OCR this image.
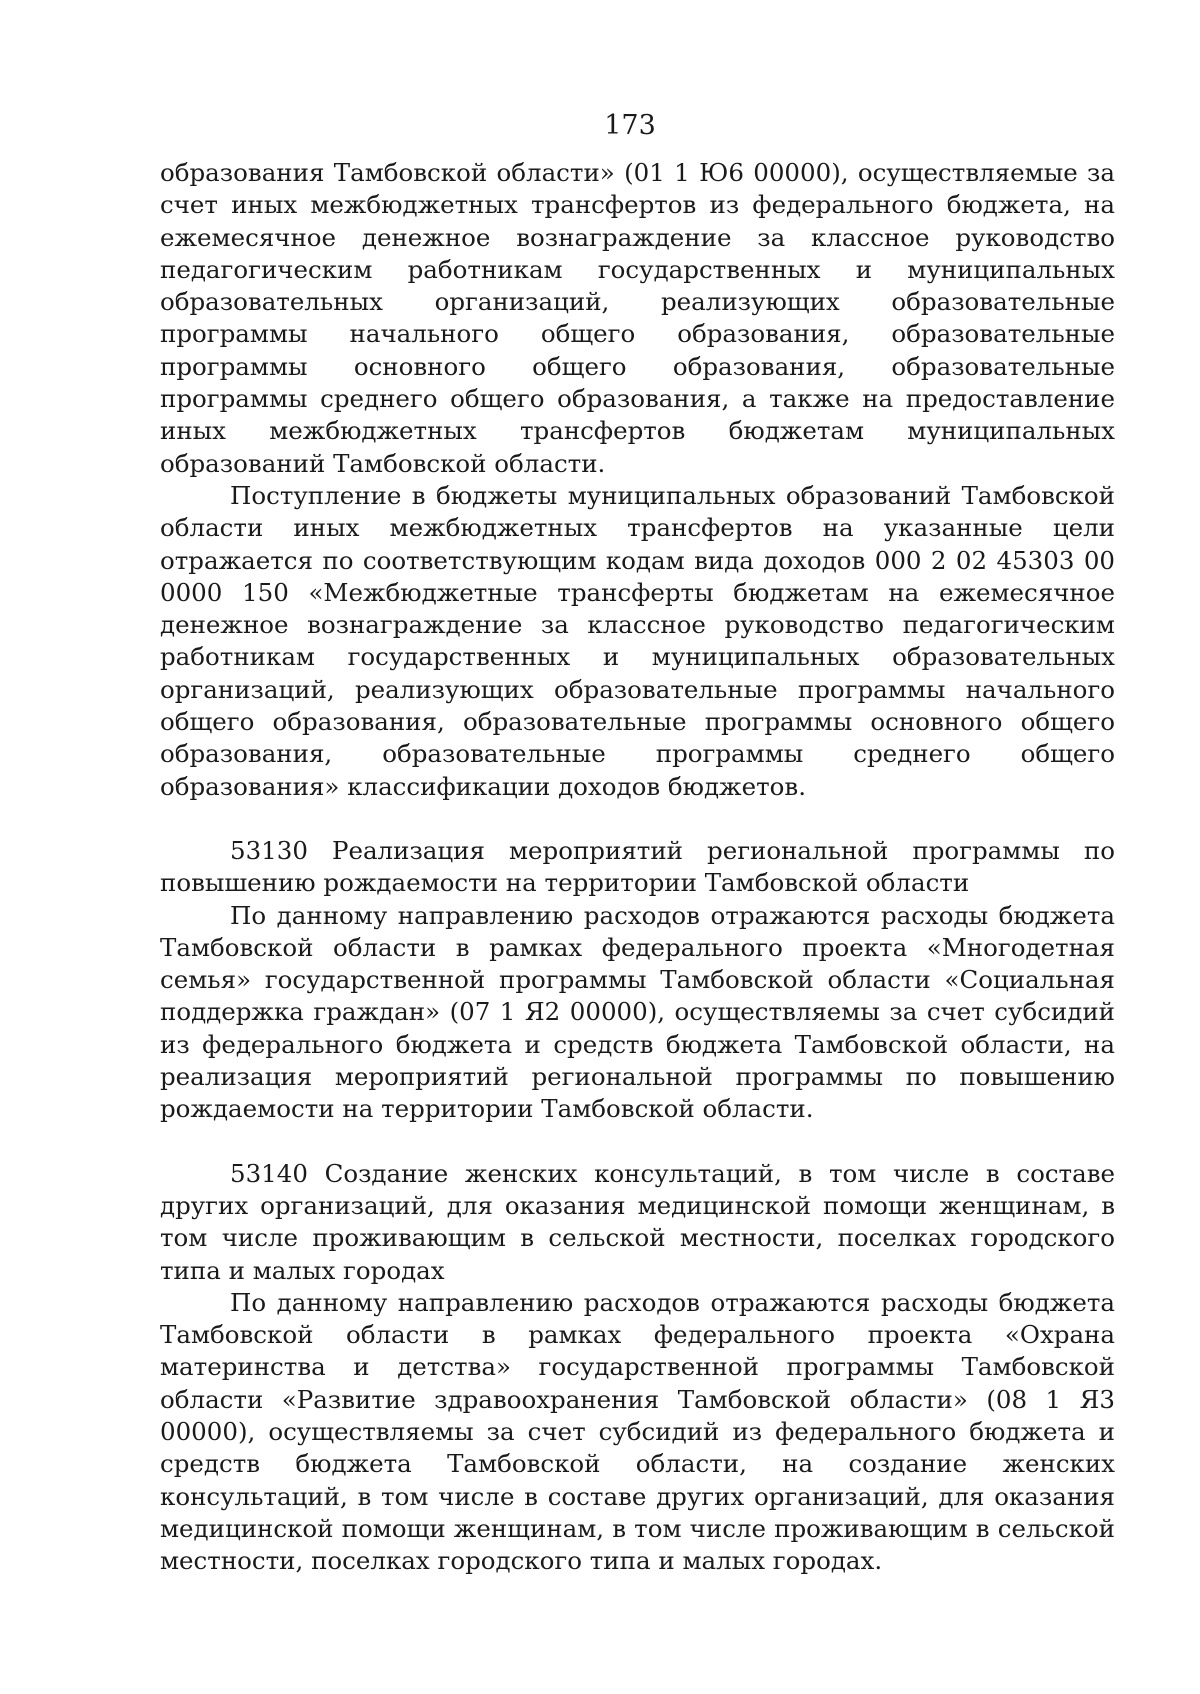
173

образования Тамбовской области» (01 1 Ю6 00000), осуществляемые за счет иных межбюджетных трансфертов из федерального бюджета, на ежемесячное денежное вознаграждение за классное руководство педагогическим работникам государственных и муниципальных образовательных организаций, реализующих образовательные программы начального общего образования, образовательные программы основного общего образования, образовательные программы среднего общего образования, а также на предоставление иных межбюджетных трансфертов бюджетам муниципальных образований Тамбовской области.

Поступление в бюджеты муниципальных образований Тамбовской области иных межбюджетных трансфертов на указанные цели отражается по соответствующим кодам вида доходов 000 2 02 45303 00 0000 150 «Межбюджетные трансферты бюджетам на ежемесячное денежное вознаграждение за классное руководство педагогическим работникам государственных и муниципальных образовательных организаций, реализующих образовательные программы начального общего образования, образовательные программы основного общего образования, образовательные программы среднего общего образования» классификации доходов бюджетов.

53130 Реализация мероприятий региональной программы по повышению рождаемости на территории Тамбовской области

По данному направлению расходов отражаются расходы бюджета Тамбовской области в рамках федерального проекта «Многодетная семья» государственной программы Тамбовской области «Социальная поддержка граждан» (07 1 Я2 00000), осуществляемы за счет субсидий из федерального бюджета и средств бюджета Тамбовской области, на реализация мероприятий региональной программы по повышению рождаемости на территории Тамбовской области.

53140 Создание женских консультаций, в том числе в составе других организаций, для оказания медицинской помощи женщинам, в том числе проживающим в сельской местности, поселках городского типа и малых городах

По данному направлению расходов отражаются расходы бюджета Тамбовской области в рамках федерального проекта «Охрана материнства и детства» государственной программы Тамбовской области «Развитие здравоохранения Тамбовской области» (08 1 Я3 00000), осуществляемы за счет субсидий из федерального бюджета и средств бюджета Тамбовской области, на создание женских консультаций, в том числе в составе других организаций, для оказания медицинской помощи женщинам, в том числе проживающим в сельской местности, поселках городского типа и малых городах.
